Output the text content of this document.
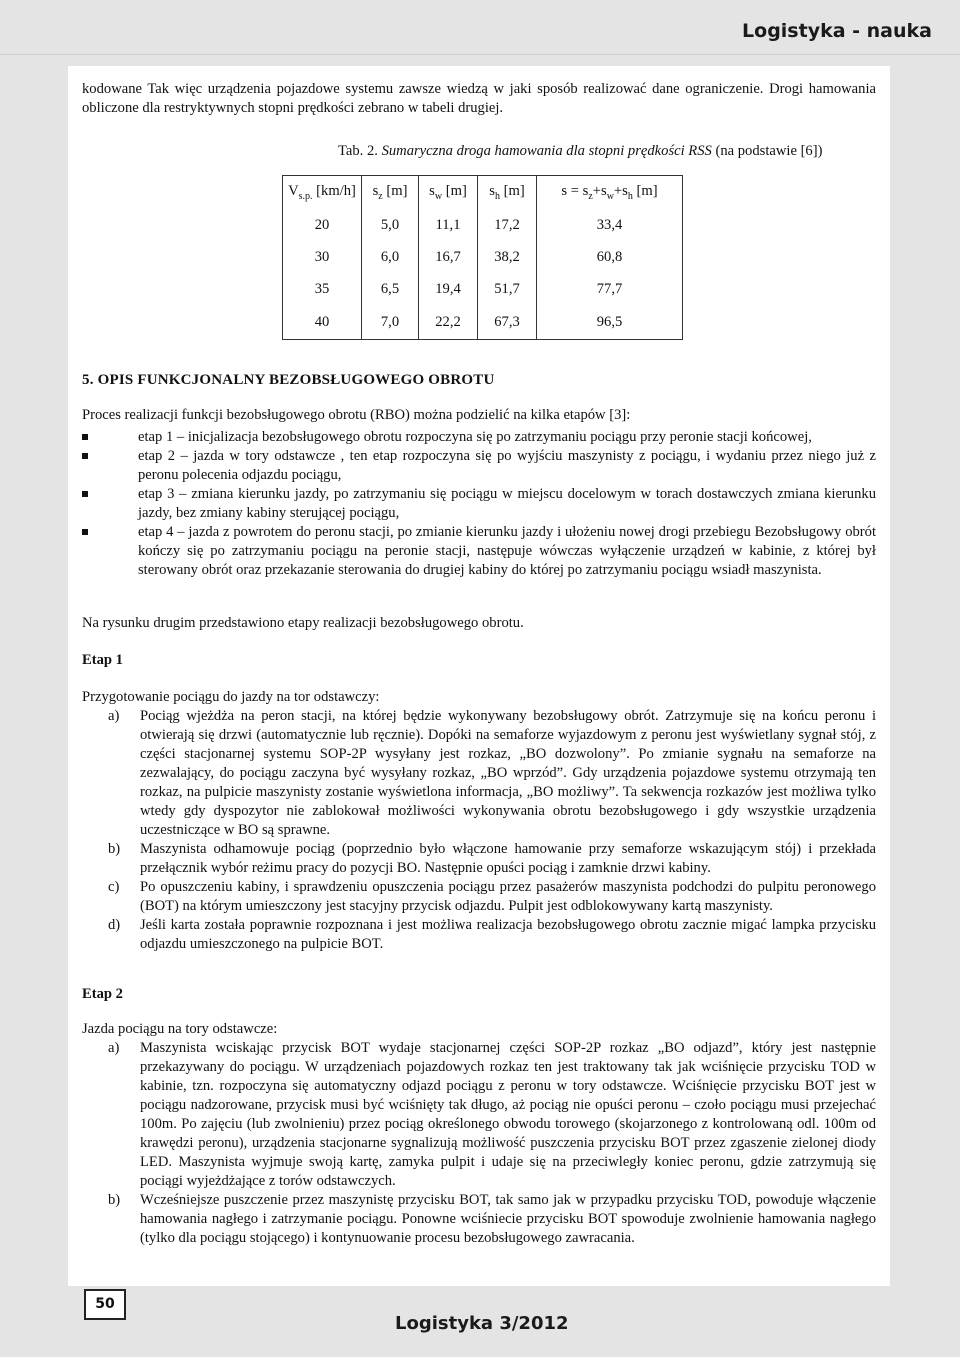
Logistyka - nauka

kodowane Tak więc urządzenia pojazdowe systemu zawsze wiedzą w jaki sposób realizować dane ograniczenie. Drogi hamowania obliczone dla restryktywnych stopni prędkości zebrano w tabeli drugiej.

Tab. 2. Sumaryczna droga hamowania dla stopni prędkości RSS (na podstawie [6])
$V_{s.p.}$ [km/h]	$s_z$ [m]	$s_w$ [m]	$s_h$ [m]	$s = s_z+s_w+s_h$ [m]
20	5,0	11,1	17,2	33,4
30	6,0	16,7	38,2	60,8
35	6,5	19,4	51,7	77,7
40	7,0	22,2	67,3	96,5
5. OPIS FUNKCJONALNY BEZOBSŁUGOWEGO OBROTU

Proces realizacji funkcji bezobsługowego obrotu (RBO) można podzielić na kilka etapów [3]:

etap 1 – inicjalizacja bezobsługowego obrotu rozpoczyna się po zatrzymaniu pociągu przy peronie stacji końcowej,
etap 2 – jazda w tory odstawcze , ten etap rozpoczyna się po wyjściu maszynisty z pociągu, i wydaniu przez niego już z peronu polecenia odjazdu pociągu,
etap 3 – zmiana kierunku jazdy, po zatrzymaniu się pociągu w miejscu docelowym w torach dostawczych zmiana kierunku jazdy, bez zmiany kabiny sterującej pociągu,
etap 4 – jazda z powrotem do peronu stacji, po zmianie kierunku jazdy i ułożeniu nowej drogi przebiegu Bezobsługowy obrót kończy się po zatrzymaniu pociągu na peronie stacji, następuje wówczas wyłączenie urządzeń w kabinie, z której był sterowany obrót oraz przekazanie sterowania do drugiej kabiny do której po zatrzymaniu pociągu wsiadł maszynista.

Na rysunku drugim przedstawiono etapy realizacji bezobsługowego obrotu.

Etap 1

Przygotowanie pociągu do jazdy na tor odstawczy:

a) Pociąg wjeżdża na peron stacji, na której będzie wykonywany bezobsługowy obrót. Zatrzymuje się na końcu peronu i otwierają się drzwi (automatycznie lub ręcznie). Dopóki na semaforze wyjazdowym z peronu jest wyświetlany sygnał stój, z części stacjonarnej systemu SOP-2P wysyłany jest rozkaz, „BO dozwolony”. Po zmianie sygnału na semaforze na zezwalający, do pociągu zaczyna być wysyłany rozkaz, „BO wprzód”. Gdy urządzenia pojazdowe systemu otrzymają ten rozkaz, na pulpicie maszynisty zostanie wyświetlona informacja, „BO możliwy”. Ta sekwencja rozkazów jest możliwa tylko wtedy gdy dyspozytor nie zablokował możliwości wykonywania obrotu bezobsługowego i gdy wszystkie urządzenia uczestniczące w BO są sprawne.
b) Maszynista odhamowuje pociąg (poprzednio było włączone hamowanie przy semaforze wskazującym stój) i przekłada przełącznik wybór reżimu pracy do pozycji BO. Następnie opuści pociąg i zamknie drzwi kabiny.
c) Po opuszczeniu kabiny, i sprawdzeniu opuszczenia pociągu przez pasażerów maszynista podchodzi do pulpitu peronowego (BOT) na którym umieszczony jest stacyjny przycisk odjazdu. Pulpit jest odblokowywany kartą maszynisty.
d) Jeśli karta została poprawnie rozpoznana i jest możliwa realizacja bezobsługowego obrotu zacznie migać lampka przycisku odjazdu umieszczonego na pulpicie BOT.
Etap 2

Jazda pociągu na tory odstawcze:

a) Maszynista wciskając przycisk BOT wydaje stacjonarnej części SOP-2P rozkaz „BO odjazd”, który jest następnie przekazywany do pociągu. W urządzeniach pojazdowych rozkaz ten jest traktowany tak jak wciśnięcie przycisku TOD w kabinie, tzn. rozpoczyna się automatyczny odjazd pociągu z peronu w tory odstawcze. Wciśnięcie przycisku BOT jest w pociągu nadzorowane, przycisk musi być wciśnięty tak długo, aż pociąg nie opuści peronu – czoło pociągu musi przejechać 100m. Po zajęciu (lub zwolnieniu) przez pociąg określonego obwodu torowego (skojarzonego z kontrolowaną odl. 100m od krawędzi peronu), urządzenia stacjonarne sygnalizują możliwość puszczenia przycisku BOT przez zgaszenie zielonej diody LED. Maszynista wyjmuje swoją kartę, zamyka pulpit i udaje się na przeciwległy koniec peronu, gdzie zatrzymują się pociągi wyjeżdżające z torów odstawczych.
b) Wcześniejsze puszczenie przez maszynistę przycisku BOT, tak samo jak w przypadku przycisku TOD, powoduje włączenie hamowania nagłego i zatrzymanie pociągu. Ponowne wciśniecie przycisku BOT spowoduje zwolnienie hamowania nagłego (tylko dla pociągu stojącego) i kontynuowanie procesu bezobsługowego zawracania.
50
Logistyka 3/2012
